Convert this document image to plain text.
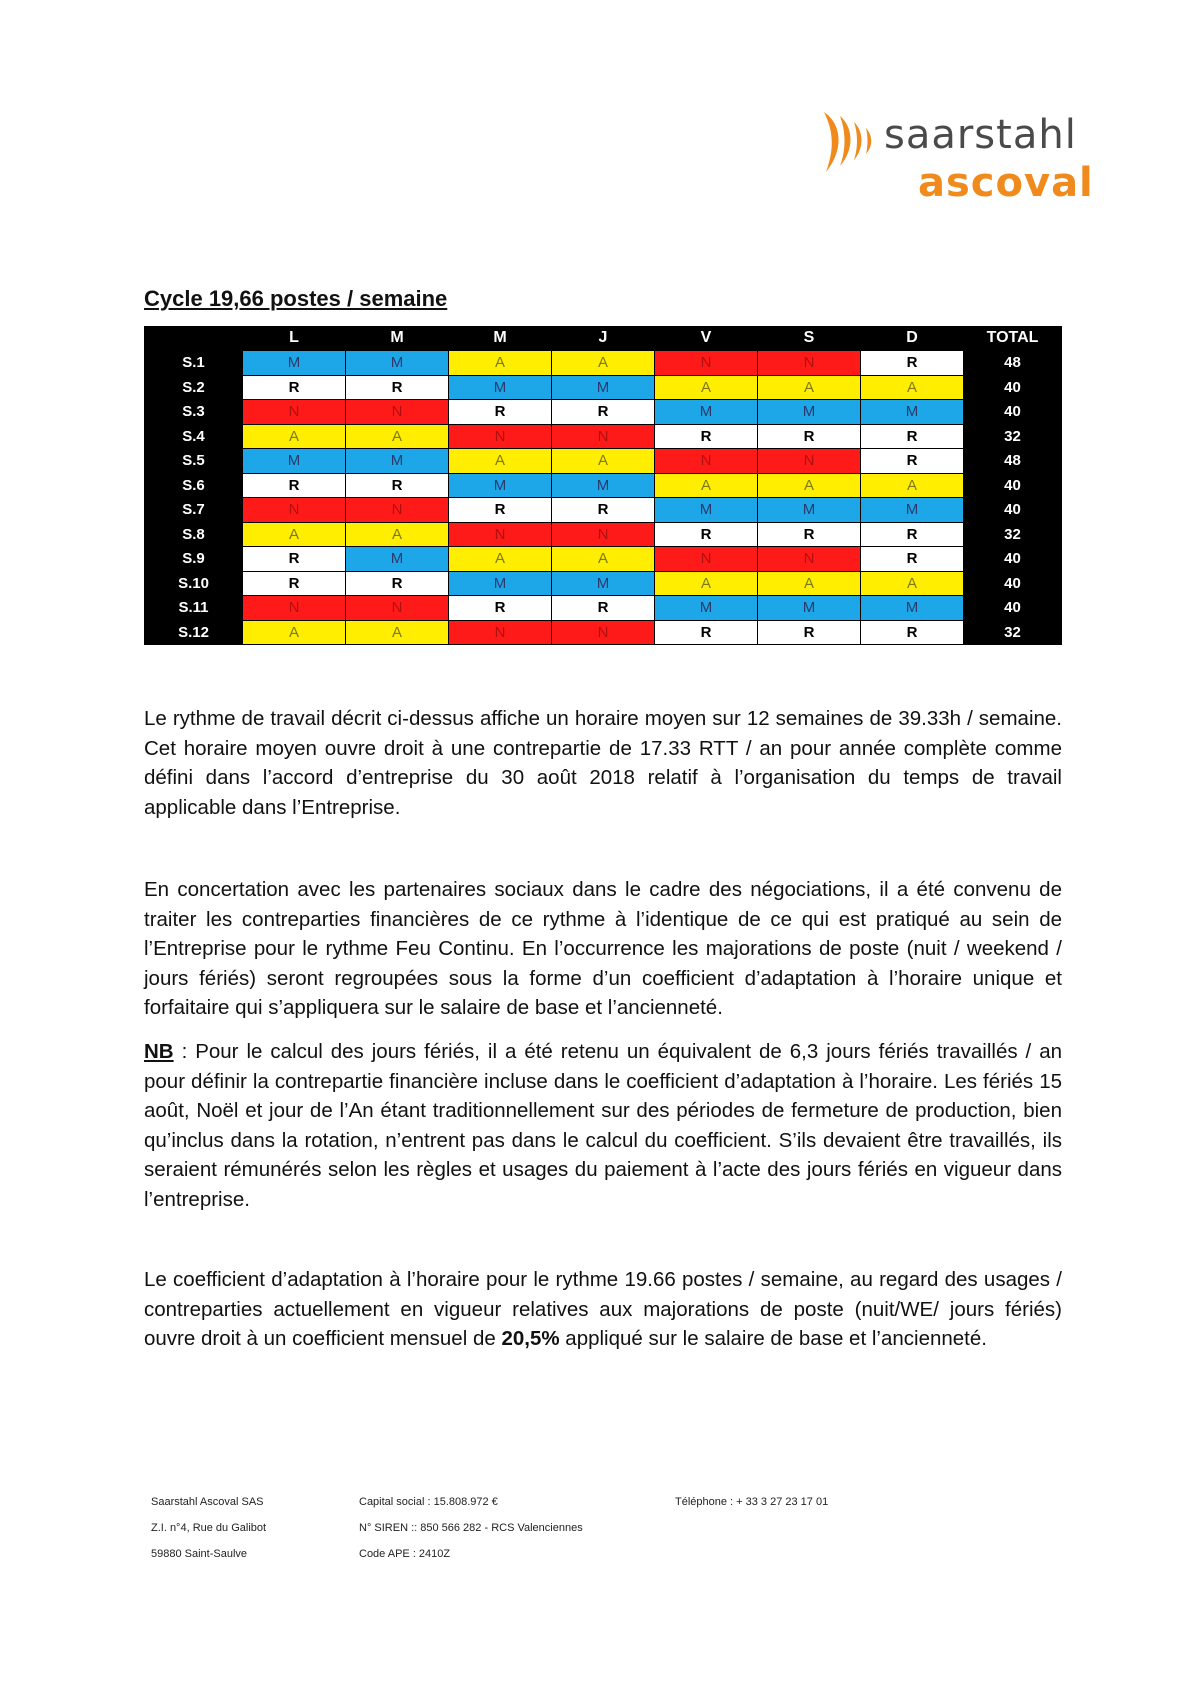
saarstahl
ascoval
Cycle 19,66 postes / semaine
	L	M	M	J	V	S	D	TOTAL
S.1	M	M	A	A	N	N	R	48
S.2	R	R	M	M	A	A	A	40
S.3	N	N	R	R	M	M	M	40
S.4	A	A	N	N	R	R	R	32
S.5	M	M	A	A	N	N	R	48
S.6	R	R	M	M	A	A	A	40
S.7	N	N	R	R	M	M	M	40
S.8	A	A	N	N	R	R	R	32
S.9	R	M	A	A	N	N	R	40
S.10	R	R	M	M	A	A	A	40
S.11	N	N	R	R	M	M	M	40
S.12	A	A	N	N	R	R	R	32

Le rythme de travail décrit ci-dessus affiche un horaire moyen sur 12 semaines de 39.33h / semaine. Cet horaire moyen ouvre droit à une contrepartie de 17.33 RTT / an pour année complète comme défini dans l’accord d’entreprise du 30 août 2018 relatif à l’organisation du temps de travail applicable dans l’Entreprise.

En concertation avec les partenaires sociaux dans le cadre des négociations, il a été convenu de traiter les contreparties financières de ce rythme à l’identique de ce qui est pratiqué au sein de l’Entreprise pour le rythme Feu Continu. En l’occurrence les majorations de poste (nuit / weekend / jours fériés) seront regroupées sous la forme d’un coefficient d’adaptation à l’horaire unique et forfaitaire qui s’appliquera sur le salaire de base et l’ancienneté.

NB : Pour le calcul des jours fériés, il a été retenu un équivalent de 6,3 jours fériés travaillés / an pour définir la contrepartie financière incluse dans le coefficient d’adaptation à l’horaire. Les fériés 15 août, Noël et jour de l’An étant traditionnellement sur des périodes de fermeture de production, bien qu’inclus dans la rotation, n’entrent pas dans le calcul du coefficient. S’ils devaient être travaillés, ils seraient rémunérés selon les règles et usages du paiement à l’acte des jours fériés en vigueur dans l’entreprise.

Le coefficient d’adaptation à l’horaire pour le rythme 19.66 postes / semaine, au regard des usages / contreparties actuellement en vigueur relatives aux majorations de poste (nuit/WE/ jours fériés) ouvre droit à un coefficient mensuel de 20,5% appliqué sur le salaire de base et l’ancienneté.

Saarstahl Ascoval SAS
Z.I. n°4, Rue du Galibot
59880 Saint-Saulve
Capital social : 15.808.972 €
N° SIREN :: 850 566 282 - RCS Valenciennes
Code APE : 2410Z
Téléphone : + 33 3 27 23 17 01
